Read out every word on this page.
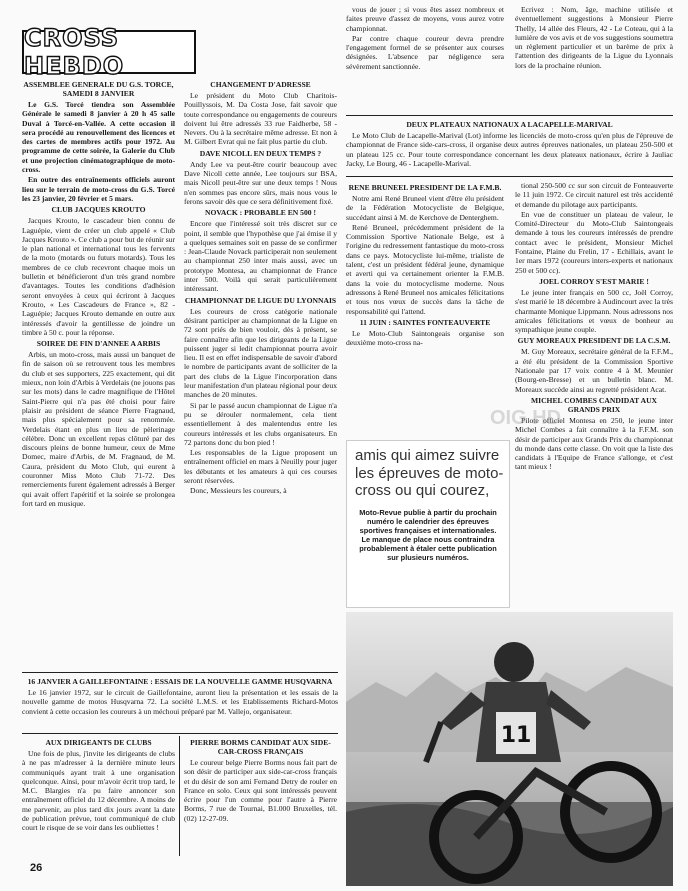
CROSS HEBDO
ASSEMBLEE GENERALE DU G.S. TORCE, SAMEDI 8 JANVIER

Le G.S. Torcé tiendra son Assemblée Générale le samedi 8 janvier à 20 h 45 salle Duval à Torcé-en-Vallée. A cette occasion il sera procédé au renouvellement des licences et des cartes de membres actifs pour 1972. Au programme de cette soirée, la Galerie du Club et une projection cinématographique de moto-cross.

En outre des entraînements officiels auront lieu sur le terrain de moto-cross du G.S. Torcé les 23 janvier, 20 février et 5 mars.

CLUB JACQUES KROUTO

Jacques Krouto, le cascadeur bien connu de Laguépie, vient de créer un club appelé « Club Jacques Krouto ». Ce club a pour but de réunir sur le plan national et international tous les fervents de la moto (motards ou futurs motards). Tous les membres de ce club recevront chaque mois un bulletin et bénéficieront d'un très grand nombre d'avantages. Toutes les conditions d'adhésion seront envoyées à ceux qui écriront à Jacques Krouto, « Les Cascadeurs de France », 82 - Laguépie; Jacques Krouto demande en outre aux intéressés d'avoir la gentillesse de joindre un timbre à 50 c. pour la réponse.

SOIREE DE FIN D'ANNEE A ARBIS

Arbis, un moto-cross, mais aussi un banquet de fin de saison où se retrouvent tous les membres du club et ses supporters, 225 exactement, qui dit mieux, non loin d'Arbis à Verdelais (ne jouons pas sur les mots) dans le cadre magnifique de l'Hôtel Saint-Pierre qui n'a pas été choisi pour faire plaisir au président de séance Pierre Fragnaud, mais plus spécialement pour sa renommée. Verdelais étant en plus un lieu de pèlerinage célèbre. Donc un excellent repas clôturé par des discours pleins de bonne humeur, ceux de Mme Domec, maire d'Arbis, de M. Fragnaud, de M. Caura, président du Moto Club, qui eurent à couronner Miss Moto Club 71-72. Des remerciements furent également adressés à Berger qui avait offert l'apéritif et la soirée se prolongea fort tard en musique.

CHANGEMENT D'ADRESSE

Le président du Moto Club Charitois-Pouillyssois, M. Da Costa Jose, fait savoir que toute correspondance ou engagements de coureurs doivent lui être adressés 33 rue Faidherbe, 58 - Nevers. Ou à la secrétaire même adresse. Et non à M. Gilbert Evrat qui ne fait plus partie du club.

DAVE NICOLL EN DEUX TEMPS ?

Andy Lee va peut-être courir beaucoup avec Dave Nicoll cette année, Lee toujours sur BSA, mais Nicoll peut-être sur une deux temps ! Nous n'en sommes pas encore sûrs, mais nous vous le ferons savoir dès que ce sera définitivement fixé.

NOVACK : PROBABLE EN 500 !

Encore que l'intéressé soit très discret sur ce point, il semble que l'hypothèse que j'ai émise il y a quelques semaines soit en passe de se confirmer : Jean-Claude Novack participerait non seulement au championnat 250 inter mais aussi, avec un prototype Montesa, au championnat de France inter 500. Voilà qui serait particulièrement intéressant.

CHAMPIONNAT DE LIGUE DU LYONNAIS

Les coureurs de cross catégorie nationale désirant participer au championnat de la Ligue en 72 sont priés de bien vouloir, dès à présent, se faire connaître afin que les dirigeants de la Ligue puissent juger si ledit championnat pourra avoir lieu. Il est en effet indispensable de savoir d'abord le nombre de participants avant de solliciter de la part des clubs de la Ligue l'incorporation dans leur manifestation d'un plateau régional pour deux manches de 20 minutes.

Si par le passé aucun championnat de Ligue n'a pu se dérouler normalement, cela tient essentiellement à des malentendus entre les coureurs intéressés et les clubs organisateurs. En 72 partons donc du bon pied !

Les responsables de la Ligue proposent un entraînement officiel en mars à Neuilly pour juger les débutants et les amateurs à qui ces courses seront réservées.

Donc, Messieurs les coureurs, à

vous de jouer ; si vous êtes assez nombreux et faites preuve d'assez de moyens, vous aurez votre championnat.

Par contre chaque coureur devra prendre l'engagement formel de se présenter aux courses désignées. L'absence par négligence sera sévèrement sanctionnée.

Ecrivez : Nom, âge, machine utilisée et éventuellement suggestions à Monsieur Pierre Thelly, 14 allée des Fleurs, 42 - Le Coteau, qui à la lumière de vos avis et de vos suggestions soumettra un règlement particulier et un barème de prix à l'attention des dirigeants de la Ligue du Lyonnais lors de la prochaine réunion.

DEUX PLATEAUX NATIONAUX A LACAPELLE-MARIVAL

Le Moto Club de Lacapelle-Marival (Lot) informe les licenciés de moto-cross qu'en plus de l'épreuve de championnat de France side-cars-cross, il organise deux autres épreuves nationales, un plateau 250-500 et un plateau 125 cc. Pour toute correspondance concernant les deux plateaux nationaux, écrire à Jauliac Jacky, Le Bourg, 46 - Lacapelle-Marival.

RENE BRUNEEL PRESIDENT DE LA F.M.B.

Notre ami René Bruneel vient d'être élu président de la Fédération Motocycliste de Belgique, succédant ainsi à M. de Kerchove de Denterghem.

René Bruneel, précédemment président de la Commission Sportive Nationale Belge, est à l'origine du redressement fantastique du moto-cross dans ce pays. Motocycliste lui-même, trialiste de talent, c'est un président fédéral jeune, dynamique et averti qui va certainement orienter la F.M.B. dans la voie du motocyclisme moderne. Nous adressons à René Bruneel nos amicales félicitations et tous nos vœux de succès dans la tâche de responsabilité qui l'attend.

11 JUIN : SAINTES FONTEAUVERTE

Le Moto-Club Saintongeais organise son deuxième moto-cross na-

tional 250-500 cc sur son circuit de Fonteauverte le 11 juin 1972. Ce circuit naturel est très accidenté et demande du pilotage aux participants.

En vue de constituer un plateau de valeur, le Comité-Directeur du Moto-Club Saintongeais demande à tous les coureurs intéressés de prendre contact avec le président, Monsieur Michel Fontaine, Plaine du Frelin, 17 - Echillais, avant le 1er mars 1972 (coureurs inters-experts et nationaux 250 et 500 cc).

JOEL CORROY S'EST MARIE !

Le jeune inter français en 500 cc, Joël Corroy, s'est marié le 18 décembre à Audincourt avec la très charmante Monique Lippmann. Nous adressons nos amicales félicitations et vœux de bonheur au sympathique jeune couple.

GUY MOREAUX PRESIDENT DE LA C.S.M.

M. Guy Moreaux, secrétaire général de la F.F.M., a été élu président de la Commission Sportive Nationale par 17 voix contre 4 à M. Meunier (Bourg-en-Bresse) et un bulletin blanc. M. Moreaux succède ainsi au regretté président Acat.

MICHEL COMBES CANDIDAT AUX GRANDS PRIX

Pilote officiel Montesa en 250, le jeune inter Michel Combes a fait connaître à la F.F.M. son désir de participer aux Grands Prix du championnat du monde dans cette classe. On voit que la liste des candidats à l'Equipe de France s'allonge, et c'est tant mieux !

OIG HD
amis qui aimez suivre les épreuves de moto-cross ou qui courez,
Moto-Revue publie à partir du prochain numéro le calendrier des épreuves sportives françaises et internationales. Le manque de place nous contraindra probablement à étaler cette publication sur plusieurs numéros.
16 JANVIER A GAILLEFONTAINE : ESSAIS DE LA NOUVELLE GAMME HUSQVARNA

Le 16 janvier 1972, sur le circuit de Gaillefontaine, auront lieu la présentation et les essais de la nouvelle gamme de motos Husqvarna 72. La société L.M.S. et les Etablissements Richard-Motos convient à cette occasion les coureurs à un méchoui préparé par M. Vallejo, organisateur.

AUX DIRIGEANTS DE CLUBS

Une fois de plus, j'invite les dirigeants de clubs à ne pas m'adresser à la dernière minute leurs communiqués ayant trait à une organisation quelconque. Ainsi, pour m'avoir écrit trop tard, le M.C. Blargies n'a pu faire annoncer son entraînement officiel du 12 décembre. A moins de me parvenir, au plus tard dix jours avant la date de publication prévue, tout communiqué de club court le risque de se voir dans les oubliettes !

PIERRE BORMS CANDIDAT AUX SIDE-CAR-CROSS FRANÇAIS

Le coureur belge Pierre Borms nous fait part de son désir de participer aux side-car-cross français et du désir de son ami Fernand Detry de rouler en France en solo. Ceux qui sont intéressés peuvent écrire pour l'un comme pour l'autre à Pierre Borms, 7 rue de Tournai, B1.000 Bruxelles, tél. (02) 12-27-09.

11
26
